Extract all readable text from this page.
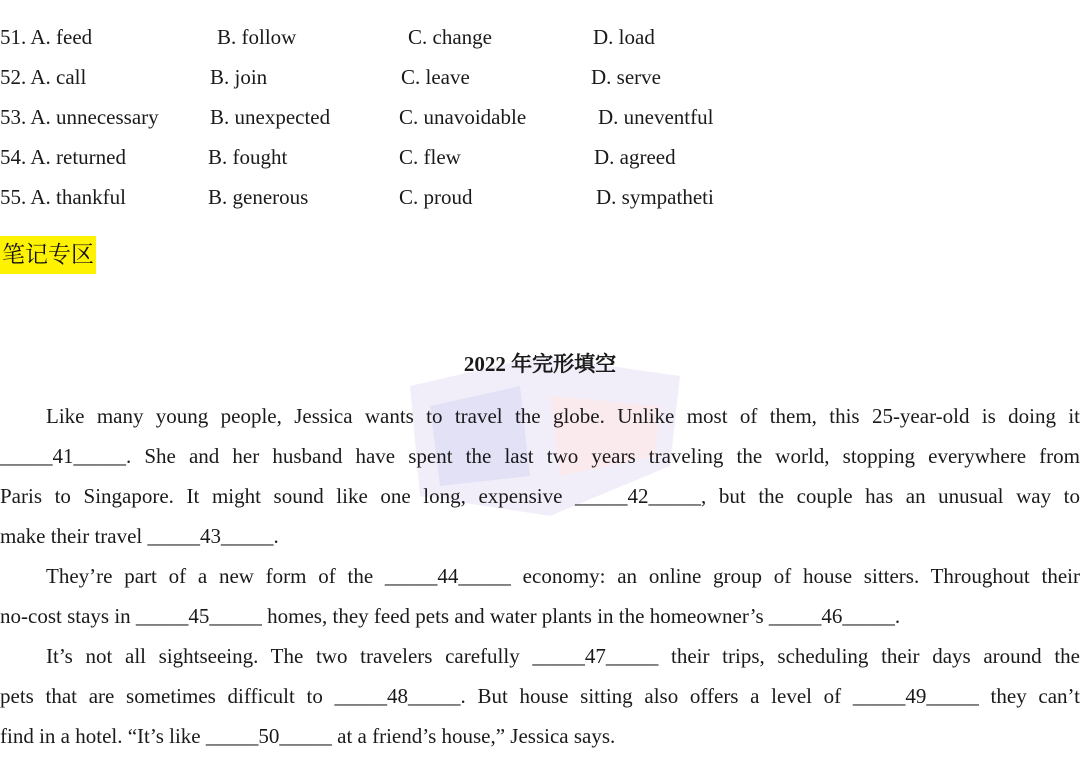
51. A. feed	B. follow	C. change	D. load
52. A. call	B. join	C. leave	D. serve
53. A. unnecessary B. unexpected	C. unavoidable	D. uneventful
54. A. returned	B. fought	C. flew	D. agreed
55. A. thankful	B. generous	C. proud	D. sympatheti
笔记专区
2022 年完形填空
Like many young people, Jessica wants to travel the globe. Unlike most of them, this 25-year-old is doing it
_____41_____. She and her husband have spent the last two years traveling the world, stopping everywhere from
Paris to Singapore. It might sound like one long, expensive _____42_____, but the couple has an unusual way to
make their travel _____43_____.
They’re part of a new form of the _____44_____ economy: an online group of house sitters. Throughout their
no-cost stays in _____45_____ homes, they feed pets and water plants in the homeowner’s _____46_____.
It’s not all sightseeing. The two travelers carefully _____47_____ their trips, scheduling their days around the
pets that are sometimes difficult to _____48_____. But house sitting also offers a level of _____49_____ they can’t
find in a hotel. “It’s like _____50_____ at a friend’s house,” Jessica says.
